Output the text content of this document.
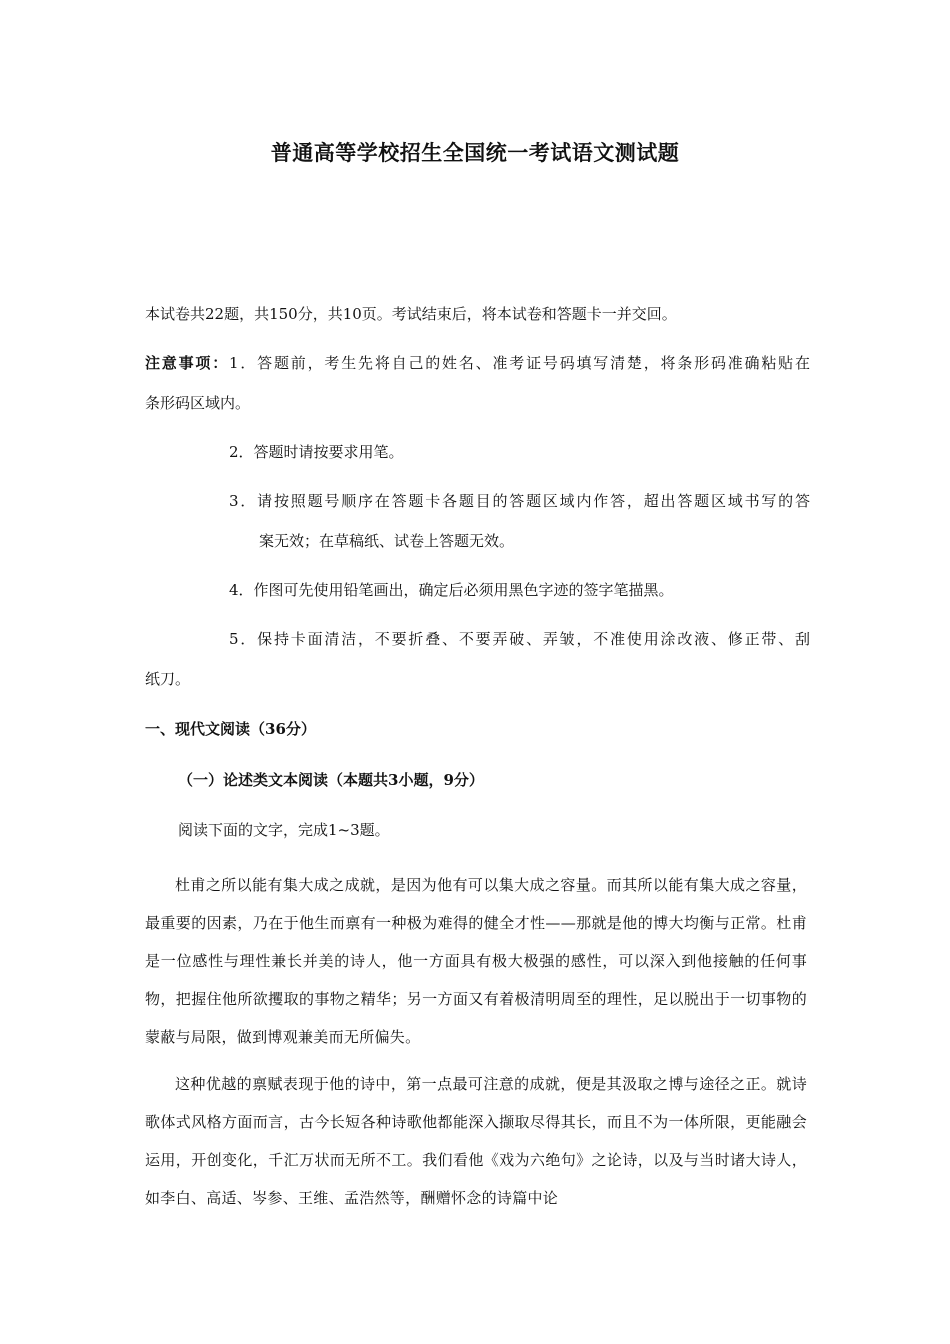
普通高等学校招生全国统一考试语文测试题
本试卷共22题，共150分，共10页。考试结束后，将本试卷和答题卡一并交回。
注意事项：1．答题前，考生先将自己的姓名、准考证号码填写清楚，将条形码准确粘贴在
条形码区域内。
2．答题时请按要求用笔。
3．请按照题号顺序在答题卡各题目的答题区域内作答，超出答题区域书写的答
案无效；在草稿纸、试卷上答题无效。
4．作图可先使用铅笔画出，确定后必须用黑色字迹的签字笔描黑。
5．保持卡面清洁，不要折叠、不要弄破、弄皱，不准使用涂改液、修正带、刮
纸刀。
一、现代文阅读（36分）
（一）论述类文本阅读（本题共3小题，9分）
阅读下面的文字，完成1~3题。
杜甫之所以能有集大成之成就，是因为他有可以集大成之容量。而其所以能有集大成之容量，最重要的因素，乃在于他生而禀有一种极为难得的健全才性——那就是他的博大均衡与正常。杜甫是一位感性与理性兼长并美的诗人，他一方面具有极大极强的感性，可以深入到他接触的任何事物，把握住他所欲攫取的事物之精华；另一方面又有着极清明周至的理性，足以脱出于一切事物的蒙蔽与局限，做到博观兼美而无所偏失。
这种优越的禀赋表现于他的诗中，第一点最可注意的成就，便是其汲取之博与途径之正。就诗歌体式风格方面而言，古今长短各种诗歌他都能深入撷取尽得其长，而且不为一体所限，更能融会运用，开创变化，千汇万状而无所不工。我们看他《戏为六绝句》之论诗，以及与当时诸大诗人，如李白、高适、岑参、王维、孟浩然等，酬赠怀念的诗篇中论
